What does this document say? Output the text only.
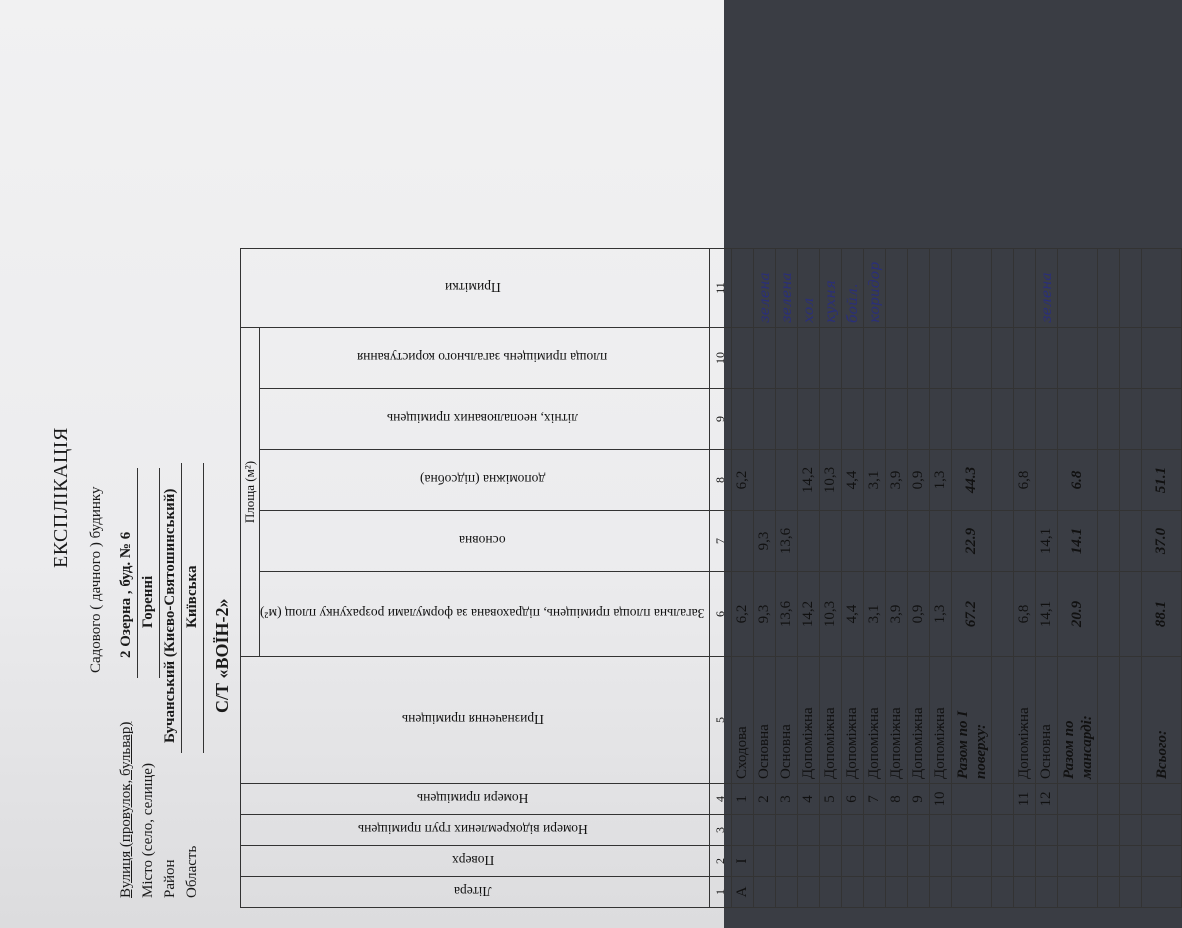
ЕКСПЛІКАЦІЯ Садового ( дачного ) будинку
Вулиця (провулок, бульвар)
2 Озерна , буд. № 6
Місто (село, селище)
Горенні
Район
Бучанський (Києво-Святошинський)
Область
Київська
С/Т «ВОЇН-2»
Літера	Поверх	Номери відокремлених груп приміщень	Номери приміщень	Призначення приміщень	Площа (м²)					Примітки
					Загальна площа приміщень, підрахована за формулами розрахунку площ (м²)	основна	допоміжна (підсобна)	літніх, неопалюваних приміщень	площа приміщень загального користування	
1	2	3	4	5	6	7	8	9	10	11
А	I		1	Сходова	6,2		6,2			
			2	Основна	9,3	9,3				зелена
			3	Основна	13,6	13,6				зелена
			4	Допоміжна	14,2		14,2			хол
			5	Допоміжна	10,3		10,3			кухня
			6	Допоміжна	4,4		4,4			бойл.
			7	Допоміжна	3,1		3,1			коридор
			8	Допоміжна	3,9		3,9			
			9	Допоміжна	0,9		0,9			
			10	Допоміжна	1,3		1,3			
				Разом по I поверху:	67.2	22.9	44.3			

			11	Допоміжна	6,8		6,8			
			12	Основна	14,1	14,1				зелена
				Разом по мансарді:	20.9	14.1	6.8			

				Всього:	88.1	37.0	51.1			
